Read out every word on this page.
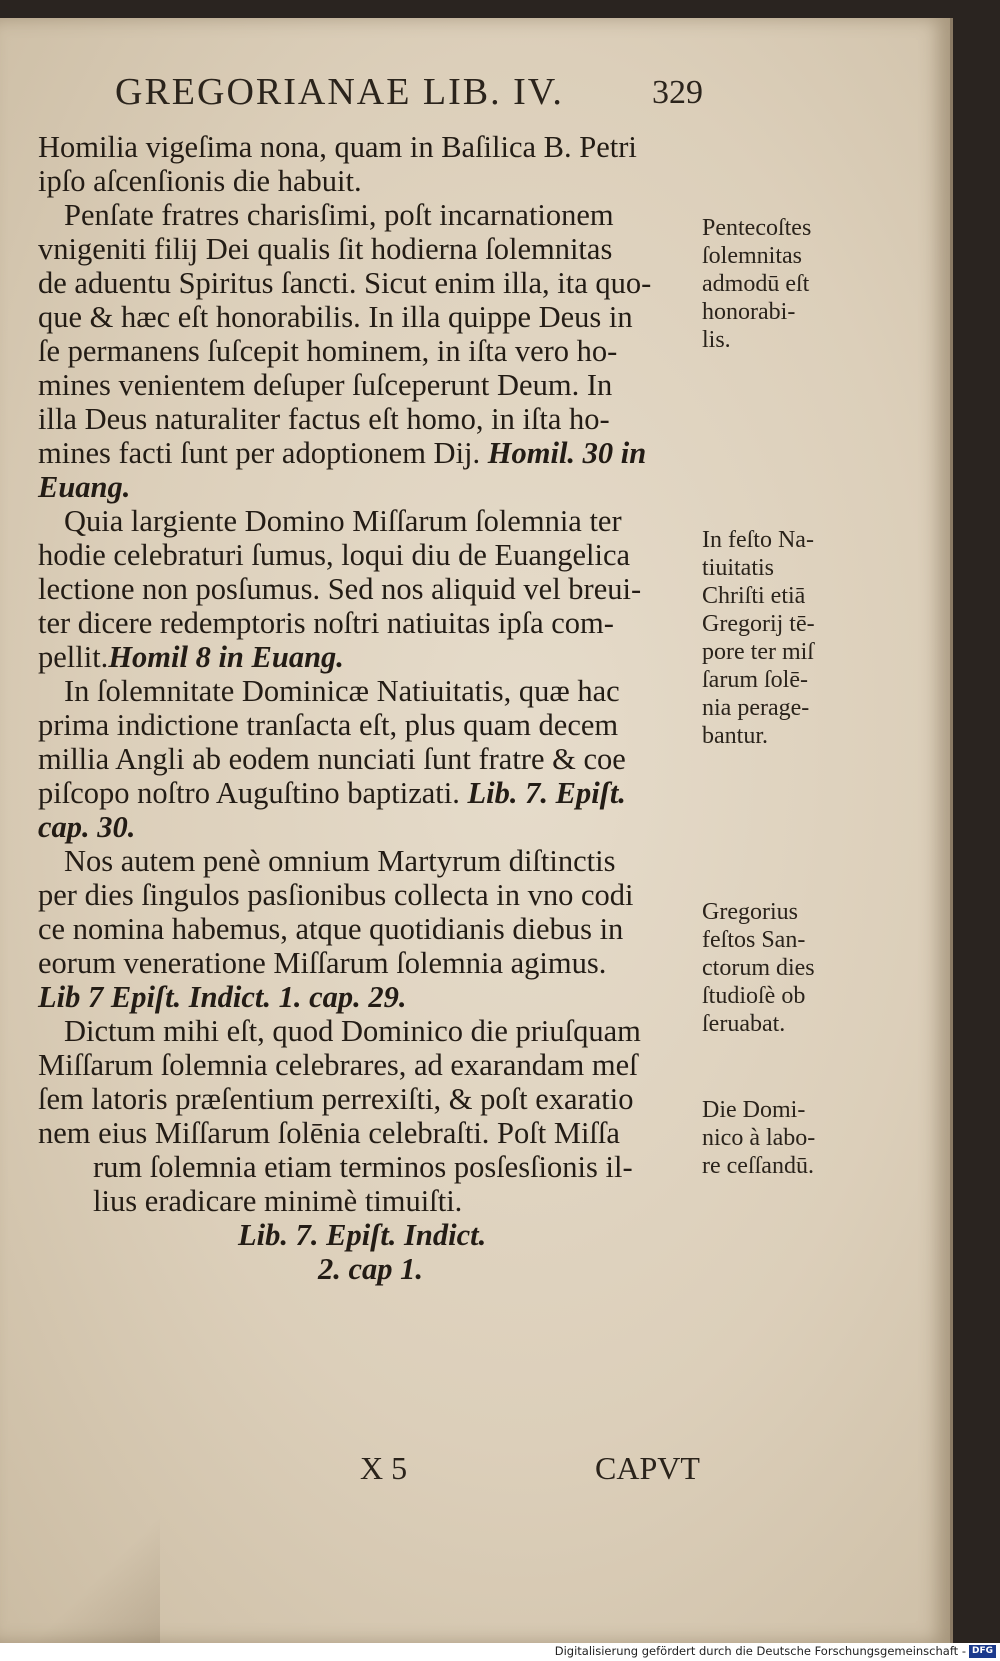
GREGORIANAE LIB. IV.	329

Homilia vigeſima nona, quam in Baſilica B. Petri

ipſo aſcenſionis die habuit.

Penſate fratres charisſimi, poſt incarnationem

vnigeniti filij Dei qualis ſit hodierna ſolemnitas

de aduentu Spiritus ſancti. Sicut enim illa, ita quo-

que & hæc eſt honorabilis. In illa quippe Deus in

ſe permanens ſuſcepit hominem, in iſta vero ho-

mines venientem deſuper ſuſceperunt Deum. In

illa Deus naturaliter factus eſt homo, in iſta ho-

mines facti ſunt per adoptionem Dij. Homil. 30 in

Euang.

Quia largiente Domino Miſſarum ſolemnia ter

hodie celebraturi ſumus, loqui diu de Euangelica

lectione non posſumus. Sed nos aliquid vel breui-

ter dicere redemptoris noſtri natiuitas ipſa com-

pellit.Homil 8 in Euang.

In ſolemnitate Dominicæ Natiuitatis, quæ hac

prima indictione tranſacta eſt, plus quam decem

millia Angli ab eodem nunciati ſunt fratre & coe

piſcopo noſtro Auguſtino baptizati. Lib. 7. Epiſt.

cap. 30.

Nos autem penè omnium Martyrum diſtinctis

per dies ſingulos pasſionibus collecta in vno codi

ce nomina habemus, atque quotidianis diebus in

eorum veneratione Miſſarum ſolemnia agimus.

Lib 7 Epiſt. Indict. 1. cap. 29.

Dictum mihi eſt, quod Dominico die priuſquam

Miſſarum ſolemnia celebrares, ad exarandam meſ

ſem latoris præſentium perrexiſti, & poſt exaratio

nem eius Miſſarum ſolēnia celebraſti. Poſt Miſſa

rum ſolemnia etiam terminos posſesſionis il-

lius eradicare minimè timuiſti.

Lib. 7. Epiſt. Indict.

2. cap 1.

Pentecoſtes
ſolemnitas
admodū eſt
honorabi-
lis.
In feſto Na-
tiuitatis
Chriſti etiā
Gregorij tē-
pore ter miſ
ſarum ſolē-
nia perage-
bantur.
Gregorius
feſtos San-
ctorum dies
ſtudioſè ob
ſeruabat.
Die Domi-
nico à labo-
re ceſſandū.
X 5	CAPVT
Digitalisierung gefördert durch die Deutsche Forschungsgemeinschaft - DFG
